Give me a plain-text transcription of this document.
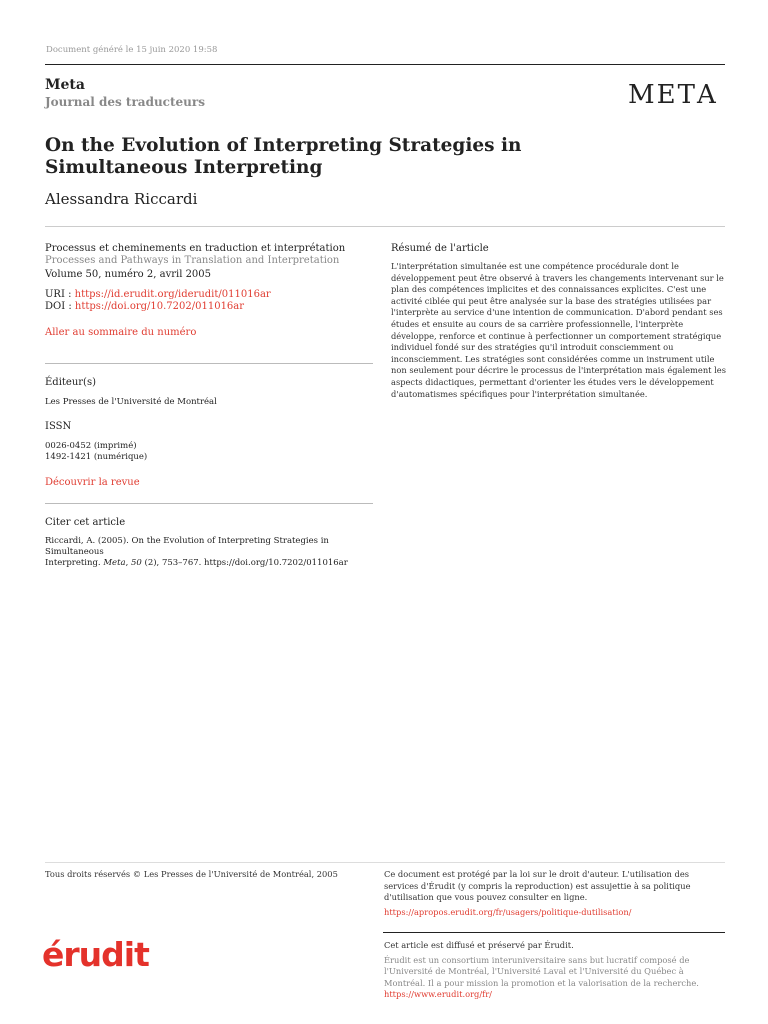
Document généré le 15 juin 2020 19:58
Meta
Journal des traducteurs	MΕΤΑ
On the Evolution of Interpreting Strategies in Simultaneous Interpreting
Alessandra Riccardi
Processus et cheminements en traduction et interprétation
Processes and Pathways in Translation and Interpretation
Volume 50, numéro 2, avril 2005
URI : https://id.erudit.org/iderudit/011016ar
DOI : https://doi.org/10.7202/011016ar
Aller au sommaire du numéro
Éditeur(s)
Les Presses de l'Université de Montréal
ISSN
0026-0452 (imprimé)
1492-1421 (numérique)
Découvrir la revue
Citer cet article
Riccardi, A. (2005). On the Evolution of Interpreting Strategies in Simultaneous
Interpreting. Meta, 50 (2), 753–767. https://doi.org/10.7202/011016ar
Résumé de l'article
L'interprétation simultanée est une compétence procédurale dont le développement peut être observé à travers les changements intervenant sur le plan des compétences implicites et des connaissances explicites. C'est une activité ciblée qui peut être analysée sur la base des stratégies utilisées par l'interprète au service d'une intention de communication. D'abord pendant ses études et ensuite au cours de sa carrière professionnelle, l'interprète développe, renforce et continue à perfectionner un comportement stratégique individuel fondé sur des stratégies qu'il introduit consciemment ou inconsciemment. Les stratégies sont considérées comme un instrument utile non seulement pour décrire le processus de l'interprétation mais également les aspects didactiques, permettant d'orienter les études vers le développement d'automatismes spécifiques pour l'interprétation simultanée.
Tous droits réservés © Les Presses de l'Université de Montréal, 2005	Ce document est protégé par la loi sur le droit d'auteur. L'utilisation des services d'Érudit (y compris la reproduction) est assujettie à sa politique d'utilisation que vous pouvez consulter en ligne.
https://apropos.erudit.org/fr/usagers/politique-dutilisation/
érudit	Cet article est diffusé et préservé par Érudit.
Érudit est un consortium interuniversitaire sans but lucratif composé de l'Université de Montréal, l'Université Laval et l'Université du Québec à Montréal. Il a pour mission la promotion et la valorisation de la recherche.
https://www.erudit.org/fr/
